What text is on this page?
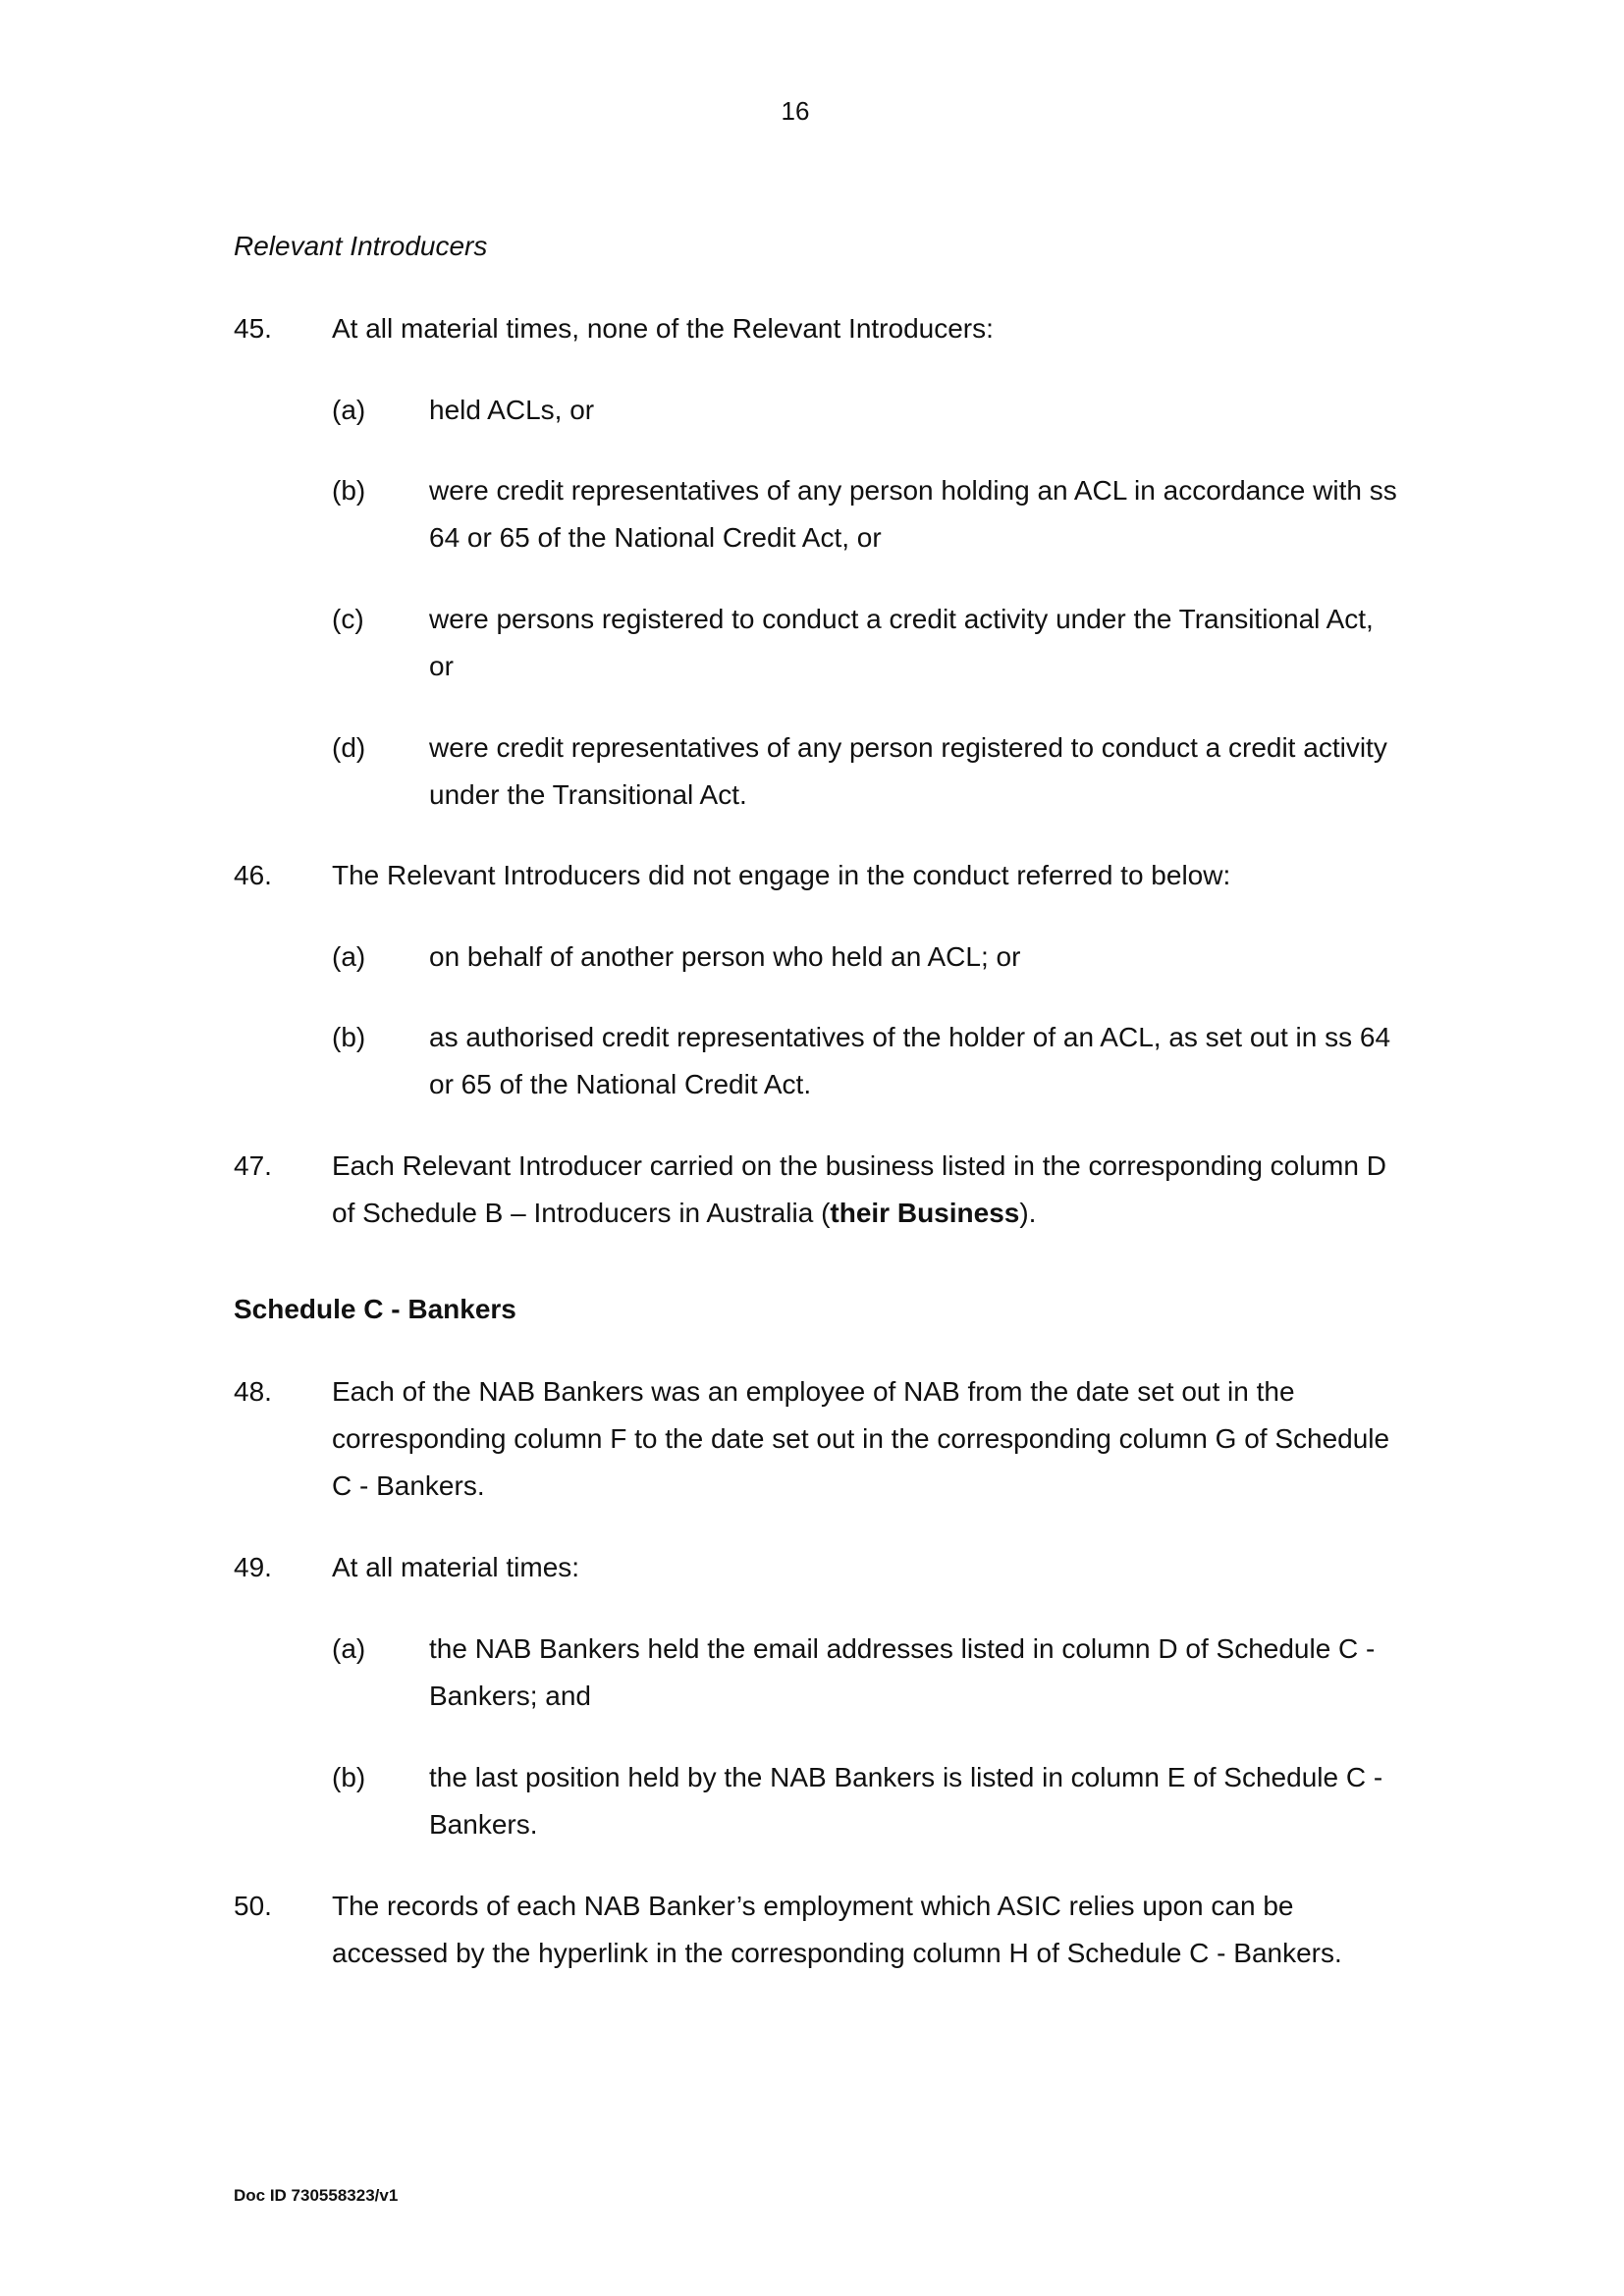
16
Relevant Introducers
45. At all material times, none of the Relevant Introducers:
(a) held ACLs, or
(b) were credit representatives of any person holding an ACL in accordance with ss 64 or 65 of the National Credit Act, or
(c) were persons registered to conduct a credit activity under the Transitional Act, or
(d) were credit representatives of any person registered to conduct a credit activity under the Transitional Act.
46. The Relevant Introducers did not engage in the conduct referred to below:
(a) on behalf of another person who held an ACL; or
(b) as authorised credit representatives of the holder of an ACL, as set out in ss 64 or 65 of the National Credit Act.
47. Each Relevant Introducer carried on the business listed in the corresponding column D of Schedule B – Introducers in Australia (their Business).
Schedule C - Bankers
48. Each of the NAB Bankers was an employee of NAB from the date set out in the corresponding column F to the date set out in the corresponding column G of Schedule C - Bankers.
49. At all material times:
(a) the NAB Bankers held the email addresses listed in column D of Schedule C - Bankers; and
(b) the last position held by the NAB Bankers is listed in column E of Schedule C - Bankers.
50. The records of each NAB Banker’s employment which ASIC relies upon can be accessed by the hyperlink in the corresponding column H of Schedule C - Bankers.
Doc ID 730558323/v1
